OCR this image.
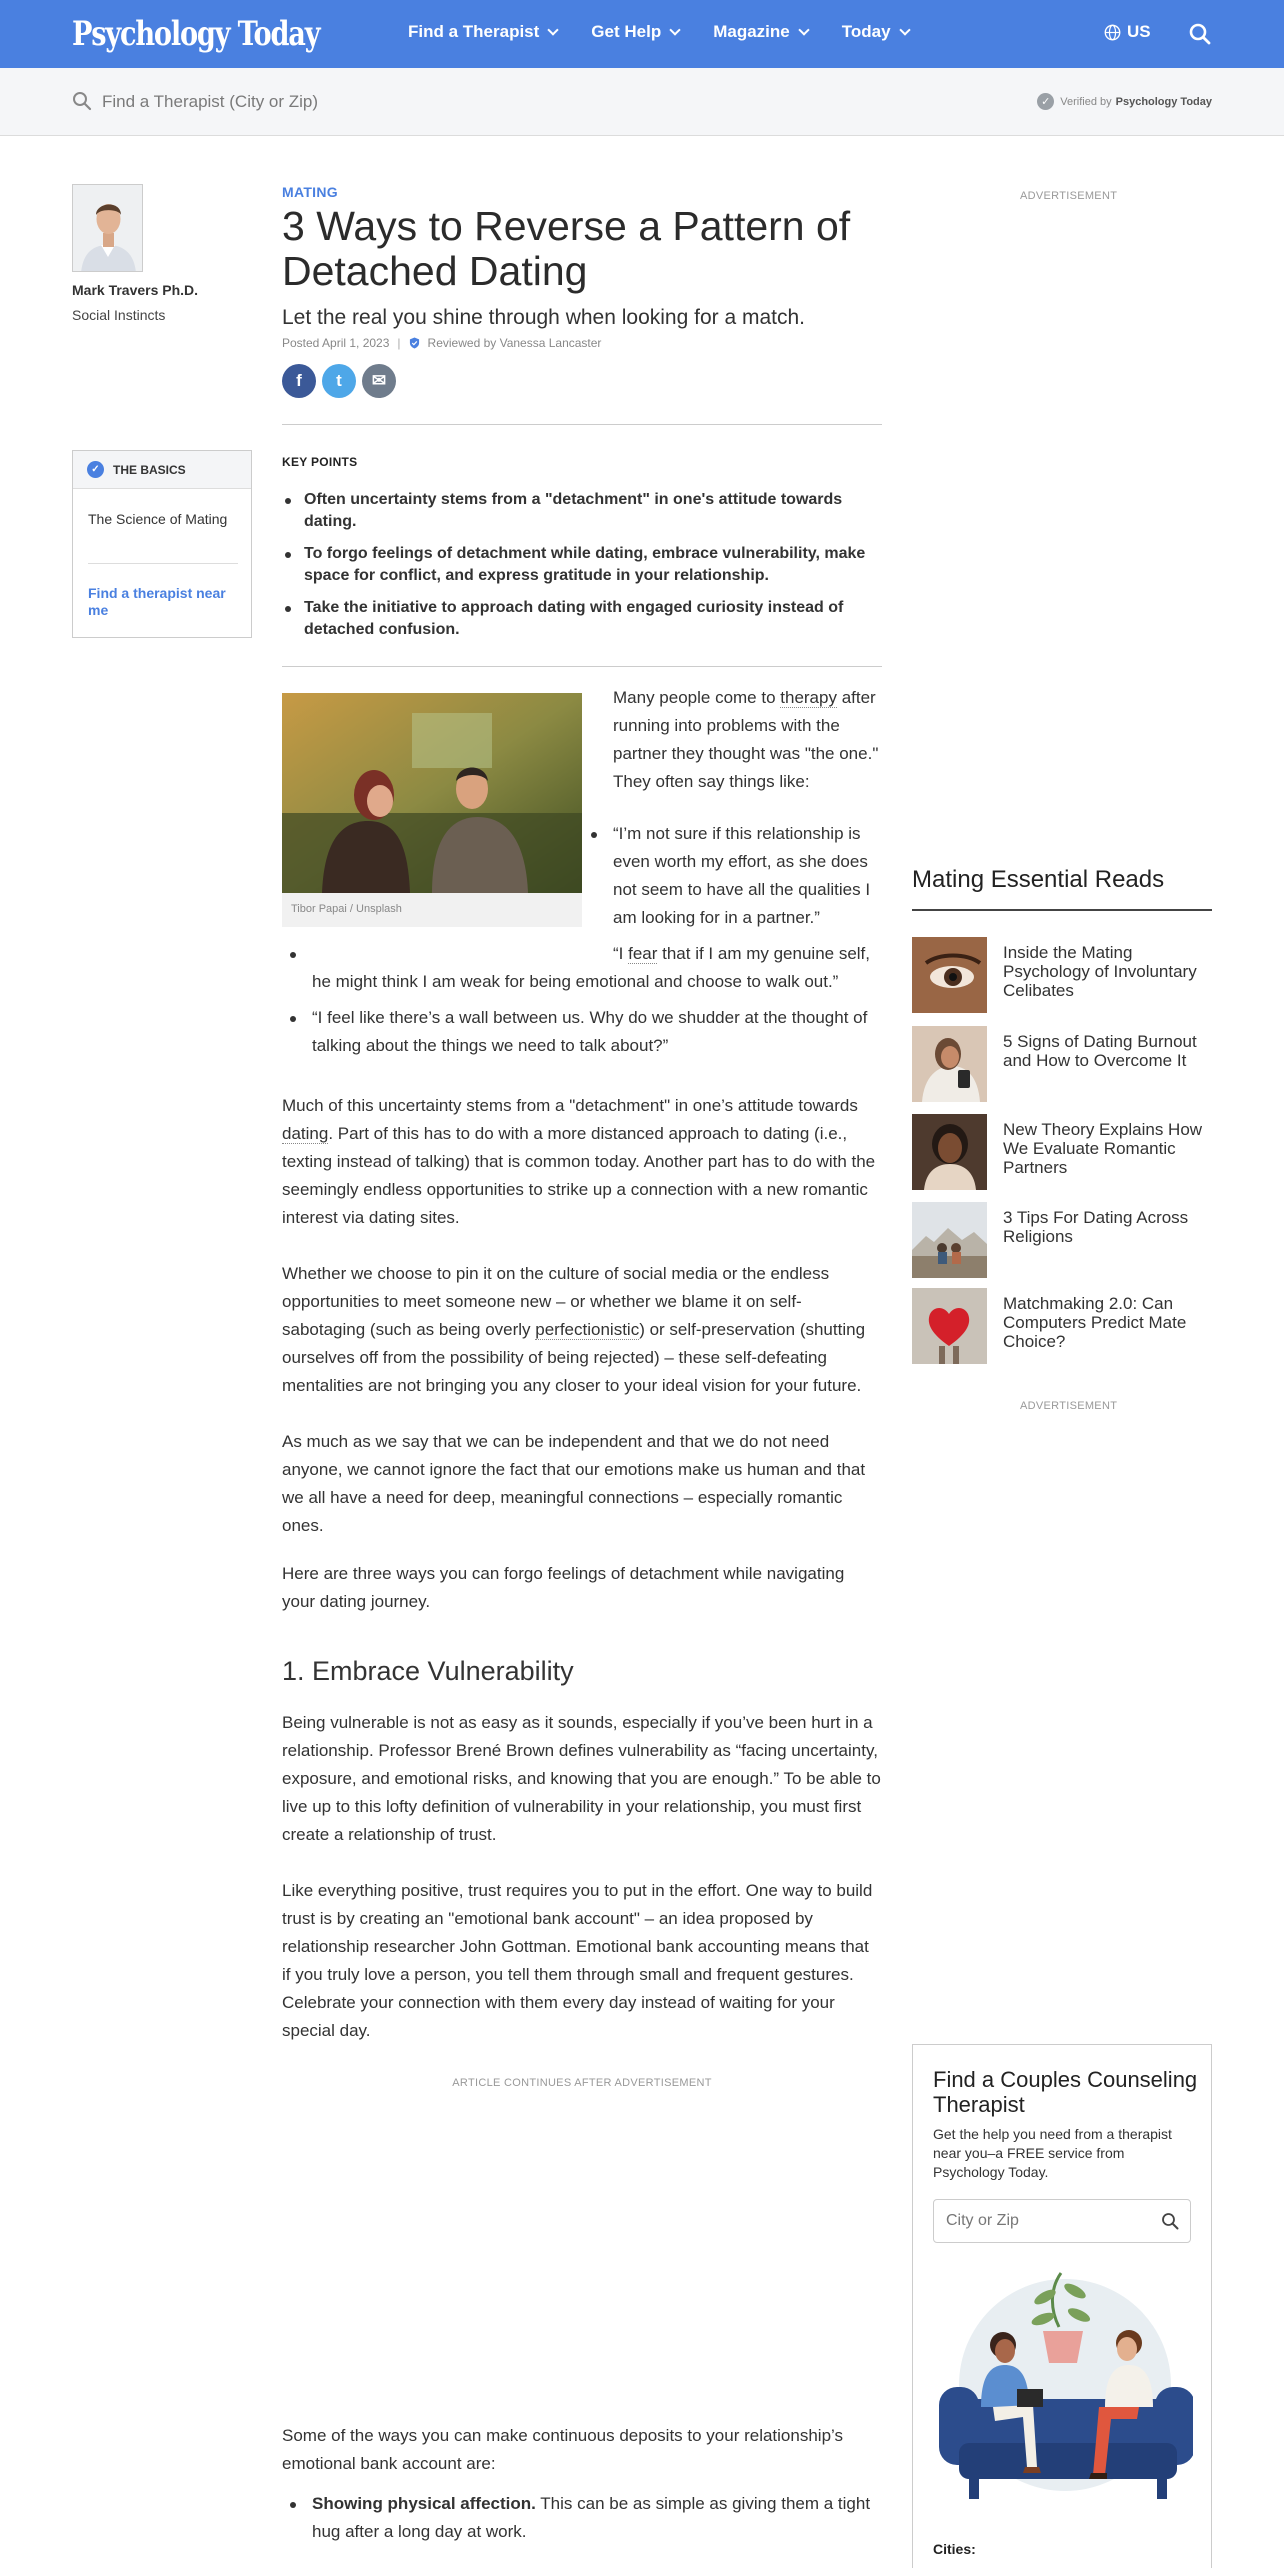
Psychology Today	Find a Therapist	Get Help	Magazine	Today	US
Find a Therapist (City or Zip)
✓ Verified by Psychology Today
Mark Travers Ph.D.
Social Instincts
✓	THE BASICS
The Science of Mating
Find a therapist near me
MATING
3 Ways to Reverse a Pattern of Detached Dating
Let the real you shine through when looking for a match.
Posted April 1, 2023 | Reviewed by Vanessa Lancaster
f t ✉
KEY POINTS
Often uncertainty stems from a "detachment" in one's attitude towards dating.
To forgo feelings of detachment while dating, embrace vulnerability, make space for conflict, and express gratitude in your relationship.
Take the initiative to approach dating with engaged curiosity instead of detached confusion.
Tibor Papai / Unsplash
Many people come to therapy after running into problems with the partner they thought was "the one." They often say things like:
“I’m not sure if this relationship is even worth my effort, as she does not seem to have all the qualities I am looking for in a partner.”
“I fear that if I am my genuine self, he might think I am weak for being emotional and choose to walk out.”
“I feel like there’s a wall between us. Why do we shudder at the thought of talking about the things we need to talk about?”

Much of this uncertainty stems from a "detachment" in one’s attitude towards dating. Part of this has to do with a more distanced approach to dating (i.e., texting instead of talking) that is common today. Another part has to do with the seemingly endless opportunities to strike up a connection with a new romantic interest via dating sites.

Whether we choose to pin it on the culture of social media or the endless opportunities to meet someone new – or whether we blame it on self-sabotaging (such as being overly perfectionistic) or self-preservation (shutting ourselves off from the possibility of being rejected) – these self-defeating mentalities are not bringing you any closer to your ideal vision for your future.

As much as we say that we can be independent and that we do not need anyone, we cannot ignore the fact that our emotions make us human and that we all have a need for deep, meaningful connections – especially romantic ones.

Here are three ways you can forgo feelings of detachment while navigating your dating journey.

1. Embrace Vulnerability

Being vulnerable is not as easy as it sounds, especially if you’ve been hurt in a relationship. Professor Brené Brown defines vulnerability as “facing uncertainty, exposure, and emotional risks, and knowing that you are enough.” To be able to live up to this lofty definition of vulnerability in your relationship, you must first create a relationship of trust.

Like everything positive, trust requires you to put in the effort. One way to build trust is by creating an "emotional bank account" – an idea proposed by relationship researcher John Gottman. Emotional bank accounting means that if you truly love a person, you tell them through small and frequent gestures. Celebrate your connection with them every day instead of waiting for your special day.

ARTICLE CONTINUES AFTER ADVERTISEMENT

Some of the ways you can make continuous deposits to your relationship’s emotional bank account are:

Showing physical affection. This can be as simple as giving them a tight hug after a long day at work.
ADVERTISEMENT
Mating Essential Reads
Inside the Mating Psychology of Involuntary Celibates
5 Signs of Dating Burnout and How to Overcome It
New Theory Explains How We Evaluate Romantic Partners
3 Tips For Dating Across Religions
Matchmaking 2.0: Can Computers Predict Mate Choice?
ADVERTISEMENT
Find a Couples Counseling Therapist
Get the help you need from a therapist near you–a FREE service from Psychology Today.
City or Zip
Cities:
